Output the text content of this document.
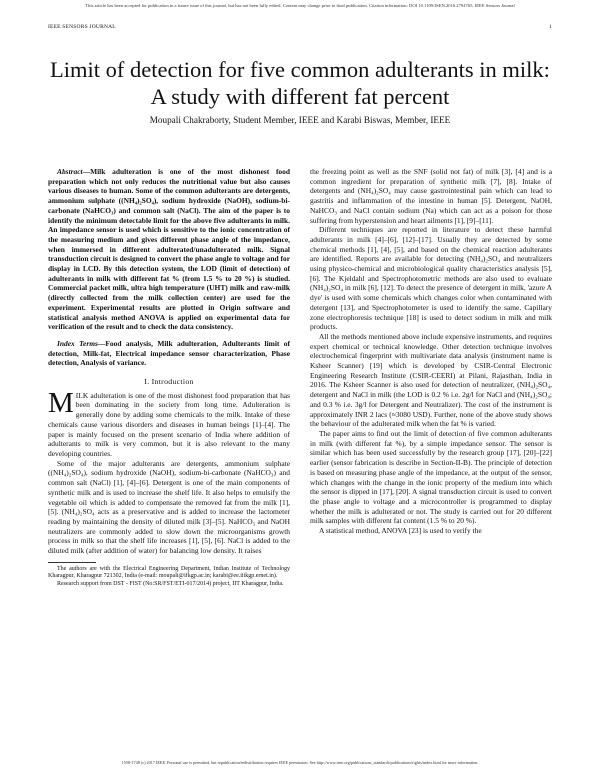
This article has been accepted for publication in a future issue of this journal, but has not been fully edited. Content may change prior to final publication. Citation information: DOI 10.1109/JSEN.2016.2794765, IEEE Sensors Journal
IEEE SENSORS JOURNAL	1
Limit of detection for five common adulterants in milk: A study with different fat percent
Moupali Chakraborty, Student Member, IEEE and Karabi Biswas, Member, IEEE

Abstract—Milk adulteration is one of the most dishonest food preparation which not only reduces the nutritional value but also causes various diseases to human. Some of the common adulterants are detergents, ammonium sulphate ((NH₄)₂SO₄), sodium hydroxide (NaOH), sodium-bi-carbonate (NaHCO₃) and common salt (NaCl). The aim of the paper is to identify the minimum detectable limit for the above five adulterants in milk. An impedance sensor is used which is sensitive to the ionic concentration of the measuring medium and gives different phase angle of the impedance, when immersed in different adulterated/unadulterated milk. Signal transduction circuit is designed to convert the phase angle to voltage and for display in LCD. By this detection system, the LOD (limit of detection) of adulterants in milk with different fat % (from 1.5 % to 20 %) is studied. Commercial packet milk, ultra high temperature (UHT) milk and raw-milk (directly collected from the milk collection center) are used for the experiment. Experimental results are plotted in Origin software and statistical analysis method ANOVA is applied on experimental data for verification of the result and to check the data consistency.

Index Terms—Food analysis, Milk adulteration, Adulterants limit of detection, Milk-fat, Electrical impedance sensor characterization, Phase detection, Analysis of variance.

I. Introduction

MILK adulteration is one of the most dishonest food preparation that has been dominating in the society from long time. Adulteration is generally done by adding some chemicals to the milk. Intake of these chemicals cause various disorders and diseases in human beings [1]–[4]. The paper is mainly focused on the present scenario of India where addition of adulterants to milk is very common, but it is also relevant to the many developing countries.

Some of the major adulterants are detergents, ammonium sulphate ((NH₄)₂SO₄), sodium hydroxide (NaOH), sodium-bi-carbonate (NaHCO₃) and common salt (NaCl) [1], [4]–[6]. Detergent is one of the main components of synthetic milk and is used to increase the shelf life. It also helps to emulsify the vegetable oil which is added to compensate the removed fat from the milk [1], [5]. (NH₄)₂SO₄ acts as a preservative and is added to increase the lactometer reading by maintaining the density of diluted milk [3]–[5]. NaHCO₃ and NaOH neutralizers are commonly added to slow down the microorganisms growth process in milk so that the shelf life increases [1], [5], [6]. NaCl is added to the diluted milk (after addition of water) for balancing low density. It raises

The authors are with the Electrical Engineering Department, Indian Institute of Technology Kharagpur, Kharagpur 721302, India (e-mail: moupali@ifkgp.ac.in; karabi@ee.iitkgp.ernet.in).

Research support from DST - FIST (No:SR/FST/ETI-017/2014) project, IIT Kharagpur, India.

the freezing point as well as the SNF (solid not fat) of milk [3], [4] and is a common ingredient for preparation of synthetic milk [7], [8]. Intake of detergents and (NH₄)₂SO₄ may cause gastrointestinal pain which can lead to gastritis and inflammation of the intestine in human [5]. Detergent, NaOH, NaHCO₃ and NaCl contain sodium (Na) which can act as a poison for those suffering from hyperstension and heart ailments [1], [9]–[11].

Different techniques are reported in literature to detect these harmful adulterants in milk [4]–[6], [12]–[17]. Usually they are detected by some chemical methods [1], [4], [5], and based on the chemical reaction adulterants are identified. Reports are available for detecting (NH₄)₂SO₄ and neutralizers using physico-chemical and microbiological quality characteristics analysis [5], [6]. The Kjeldahl and Spectrophotometric methods are also used to evaluate (NH₄)₂SO₄ in milk [6], [12]. To detect the presence of detergent in milk, 'azure A dye' is used with some chemicals which changes color when contaminated with detergent [13], and Spectrophotometer is used to identify the same. Capillary zone electrophoresis technique [18] is used to detect sodium in milk and milk products.

All the methods mentioned above include expensive instruments, and requires expert chemical or technical knowledge. Other detection technique involves electrochemical fingerprint with multivariate data analysis (instrument name is Ksheer Scanner) [19] which is developed by CSIR-Central Electronic Engineering Research Institute (CSIR-CEERI) at Pilani, Rajasthan, India in 2016. The Ksheer Scanner is also used for detection of neutralizer, (NH₄)₂SO₄, detergent and NaCl in milk (the LOD is 0.2 % i.e. 2g/l for NaCl and (NH₄)₂SO₄; and 0.3 % i.e. 3g/l for Detergent and Neutralizer). The cost of the instrument is approximately INR 2 lacs (≈3080 USD). Further, none of the above study shows the behaviour of the adulterated milk when the fat % is varied.

The paper aims to find out the limit of detection of five common adulterants in milk (with different fat %), by a simple impedance sensor. The sensor is similar which has been used successfully by the research group [17], [20]–[22] earlier (sensor fabrication is describe in Section-II-B). The principle of detection is based on measuring phase angle of the impedance, at the output of the sensor, which changes with the change in the ionic property of the medium into which the sensor is dipped in [17], [20]. A signal transduction circuit is used to convert the phase angle to voltage and a microcontroller is programmed to display whether the milk is adulterated or not. The study is carried out for 20 different milk samples with different fat content (1.5 % to 20 %).

A statistical method, ANOVA [23] is used to verify the

1558-1748 (c) 2017 IEEE. Personal use is permitted, but republication/redistribution requires IEEE permission. See http://www.ieee.org/publications_standards/publications/rights/index.html for more information.
